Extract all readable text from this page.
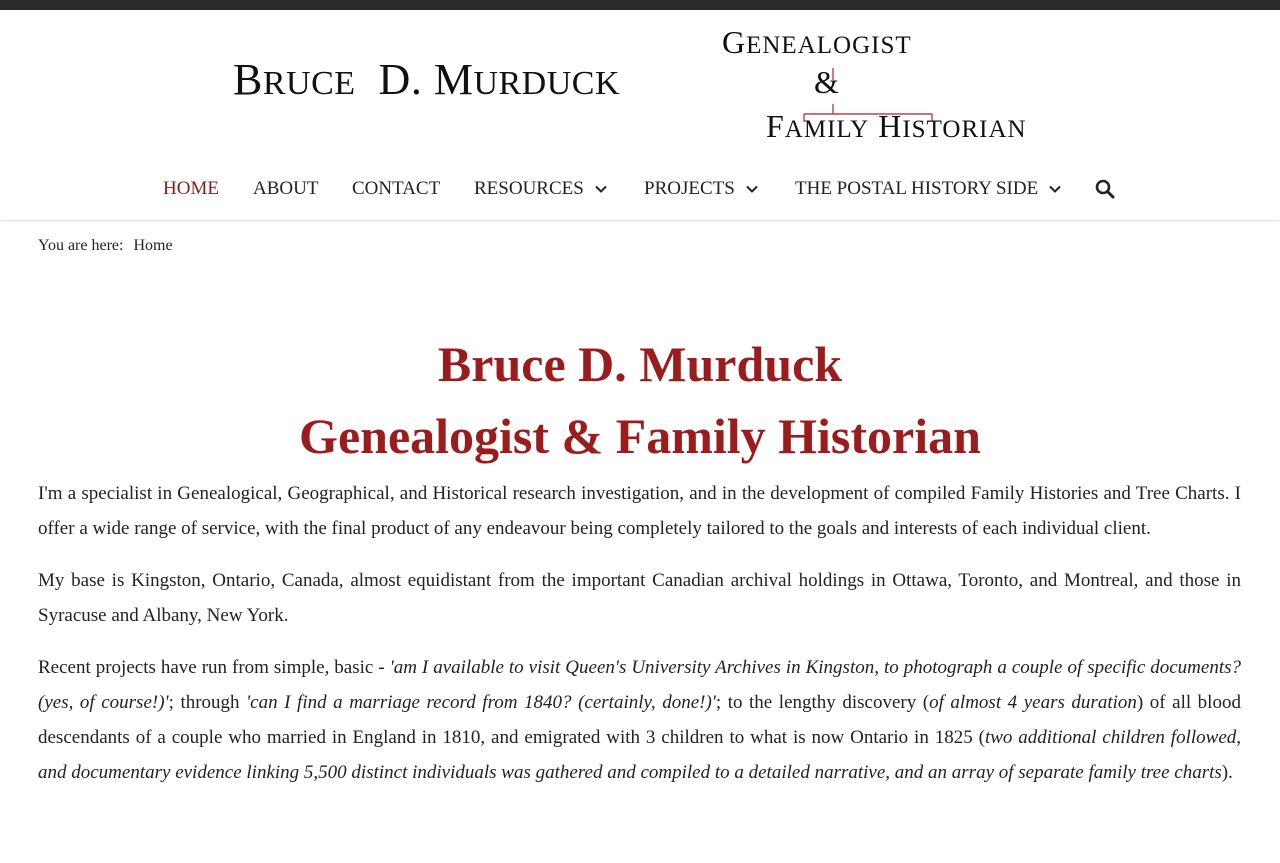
BRUCE D. MURDUCK
GENEALOGIST
&
FAMILY HISTORIAN
HOME ABOUT CONTACT RESOURCES	PROJECTS	THE POSTAL HISTORY SIDE
You are here: Home
Bruce D. Murduck
Genealogist & Family Historian

I'm a specialist in Genealogical, Geographical, and Historical research investigation, and in the development of compiled Family Histories and Tree Charts. I offer a wide range of service, with the final product of any endeavour being completely tailored to the goals and interests of each individual client.

My base is Kingston, Ontario, Canada, almost equidistant from the important Canadian archival holdings in Ottawa, Toronto, and Montreal, and those in Syracuse and Albany, New York.

Recent projects have run from simple, basic - 'am I available to visit Queen's University Archives in Kingston, to photograph a couple of specific documents? (yes, of course!)'; through 'can I find a marriage record from 1840? (certainly, done!)'; to the lengthy discovery (of almost 4 years duration) of all blood descendants of a couple who married in England in 1810, and emigrated with 3 children to what is now Ontario in 1825 (two additional children followed, and documentary evidence linking 5,500 distinct individuals was gathered and compiled to a detailed narrative, and an array of separate family tree charts).
